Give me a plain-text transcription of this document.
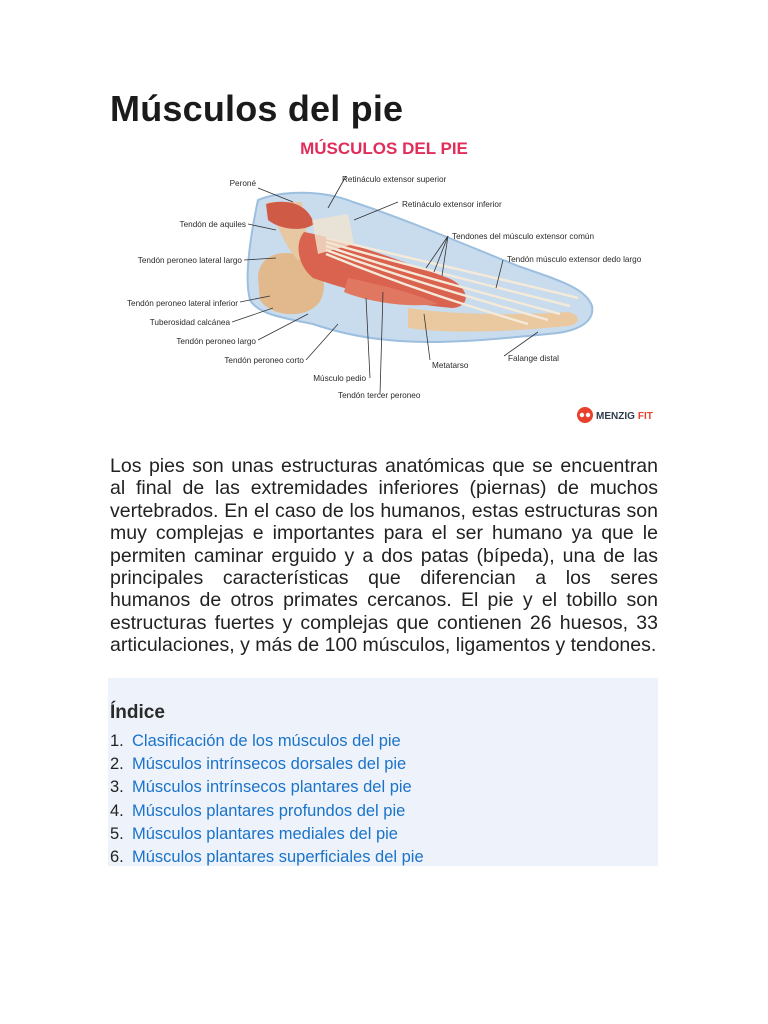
Músculos del pie
MÚSCULOS DEL PIE
Peroné
Tendón de aquiles
Tendón peroneo lateral largo
Tendón peroneo lateral inferior
Tuberosidad calcánea
Tendón peroneo largo
Tendón peroneo corto
Músculo pedio
Tendón tercer peroneo
Retináculo extensor superior
Retináculo extensor inferior
Tendones del músculo extensor común
Tendón músculo extensor dedo largo
Metatarso
Falange distal
MENZIG FIT

Los pies son unas estructuras anatómicas que se encuentran al final de las extremidades inferiores (piernas) de muchos vertebrados. En el caso de los humanos, estas estructuras son muy complejas e importantes para el ser humano ya que le permiten caminar erguido y a dos patas (bípeda), una de las principales características que diferencian a los seres humanos de otros primates cercanos. El pie y el tobillo son estructuras fuertes y complejas que contienen 26 huesos, 33 articulaciones, y más de 100 músculos, ligamentos y tendones.

Índice
1. Clasificación de los músculos del pie
2. Músculos intrínsecos dorsales del pie
3. Músculos intrínsecos plantares del pie
4. Músculos plantares profundos del pie
5. Músculos plantares mediales del pie
6. Músculos plantares superficiales del pie
